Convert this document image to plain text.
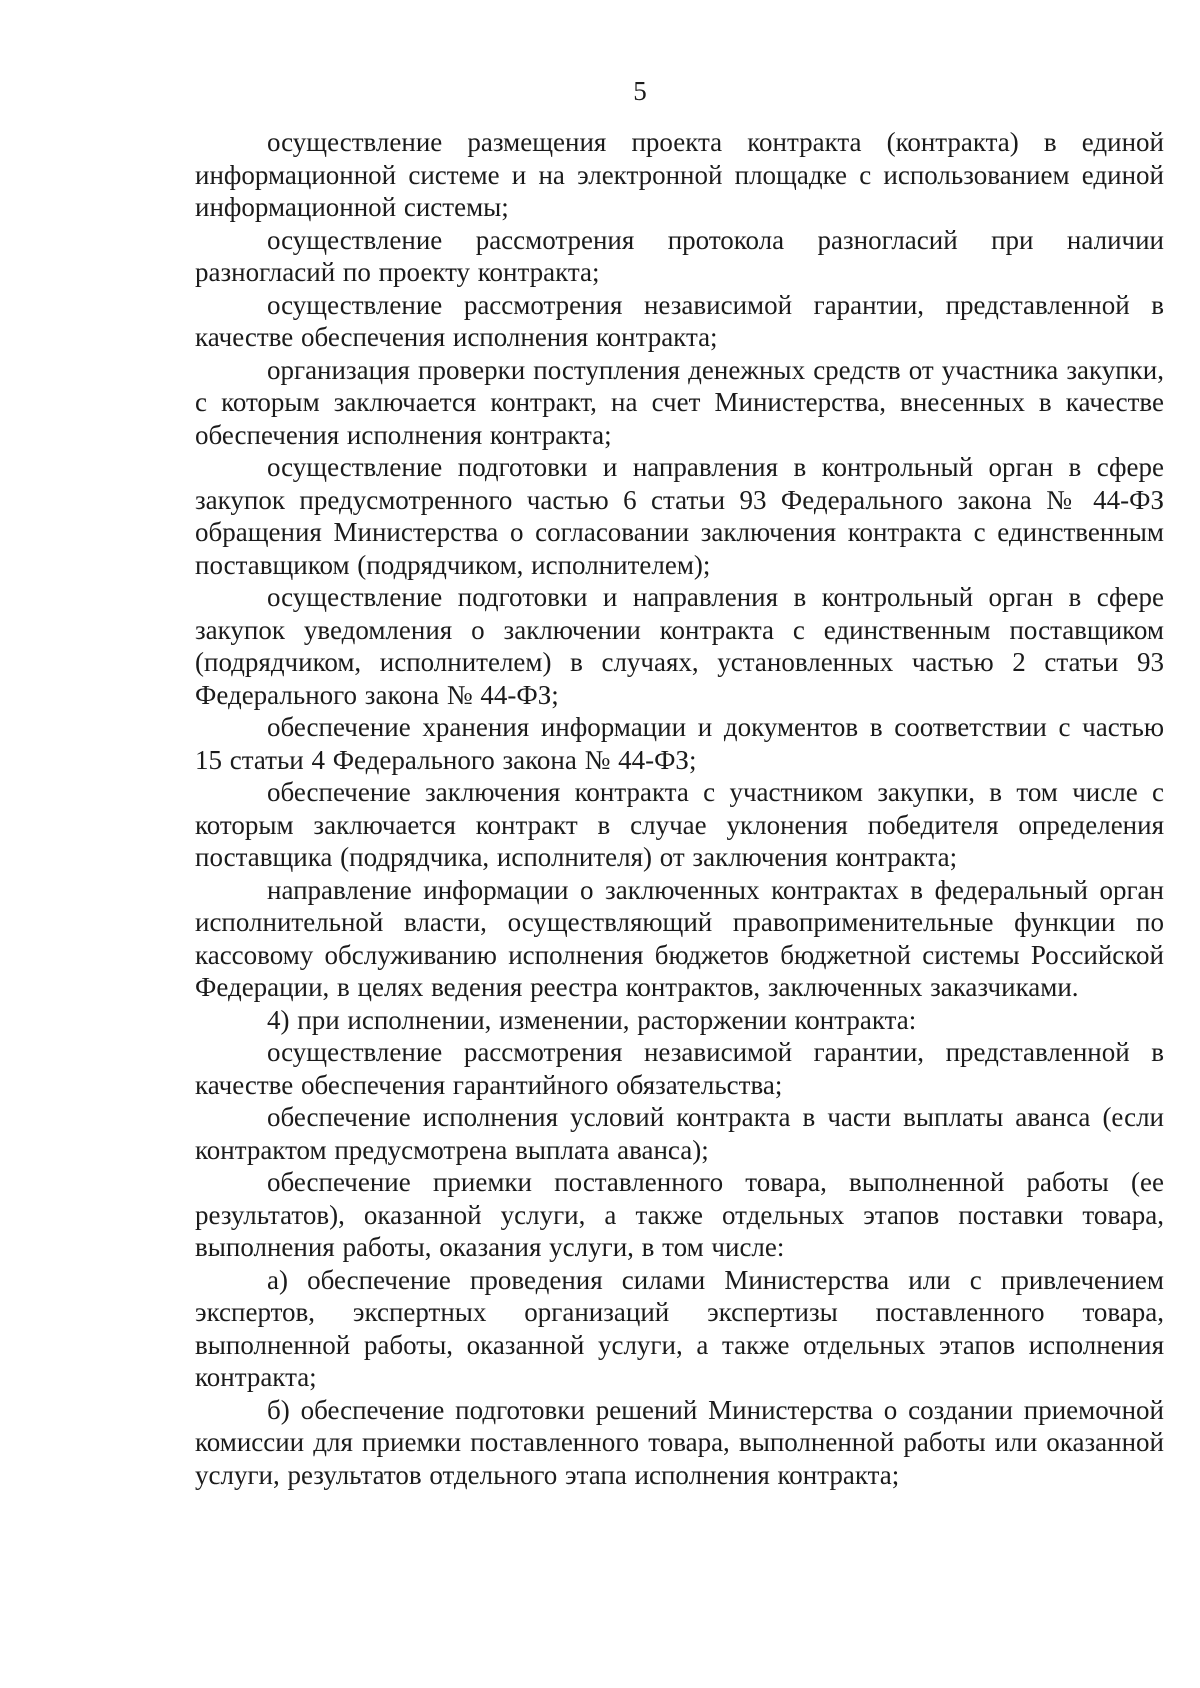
5

осуществление размещения проекта контракта (контракта) в единой информационной системе и на электронной площадке с использованием единой информационной системы;

осуществление рассмотрения протокола разногласий при наличии разногласий по проекту контракта;

осуществление рассмотрения независимой гарантии, представленной в качестве обеспечения исполнения контракта;

организация проверки поступления денежных средств от участника закупки, с которым заключается контракт, на счет Министерства, внесенных в качестве обеспечения исполнения контракта;

осуществление подготовки и направления в контрольный орган в сфере закупок предусмотренного частью 6 статьи 93 Федерального закона № 44-ФЗ обращения Министерства о согласовании заключения контракта с единственным поставщиком (подрядчиком, исполнителем);

осуществление подготовки и направления в контрольный орган в сфере закупок уведомления о заключении контракта с единственным поставщиком (подрядчиком, исполнителем) в случаях, установленных частью 2 статьи 93 Федерального закона № 44-ФЗ;

обеспечение хранения информации и документов в соответствии с частью 15 статьи 4 Федерального закона № 44-ФЗ;

обеспечение заключения контракта с участником закупки, в том числе с которым заключается контракт в случае уклонения победителя определения поставщика (подрядчика, исполнителя) от заключения контракта;

направление информации о заключенных контрактах в федеральный орган исполнительной власти, осуществляющий правоприменительные функции по кассовому обслуживанию исполнения бюджетов бюджетной системы Российской Федерации, в целях ведения реестра контрактов, заключенных заказчиками.

4) при исполнении, изменении, расторжении контракта:

осуществление рассмотрения независимой гарантии, представленной в качестве обеспечения гарантийного обязательства;

обеспечение исполнения условий контракта в части выплаты аванса (если контрактом предусмотрена выплата аванса);

обеспечение приемки поставленного товара, выполненной работы (ее результатов), оказанной услуги, а также отдельных этапов поставки товара, выполнения работы, оказания услуги, в том числе:

а) обеспечение проведения силами Министерства или с привлечением экспертов, экспертных организаций экспертизы поставленного товара, выполненной работы, оказанной услуги, а также отдельных этапов исполнения контракта;

б) обеспечение подготовки решений Министерства о создании приемочной комиссии для приемки поставленного товара, выполненной работы или оказанной услуги, результатов отдельного этапа исполнения контракта;
